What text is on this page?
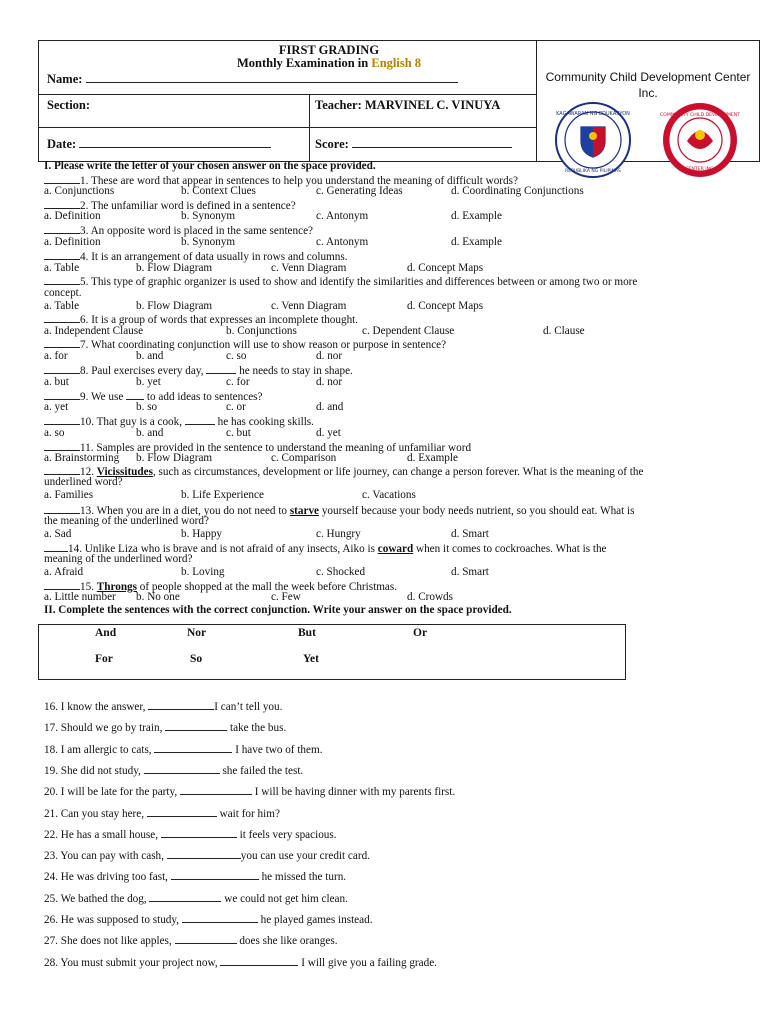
FIRST GRADING
Monthly Examination in English 8
Name:
Section:	Teacher: MARVINEL C. VINUYA
Date:	Score:
Community Child Development Center Inc.
KAGAWARAN NG EDUKASYON
REPUBLIKA NG PILIPINAS
COMMUNITY CHILD DEVELOPMENT
CENTER INC.
I. Please write the letter of your chosen answer on the space provided.
1. These are word that appear in sentences to help you understand the meaning of difficult words?
a. Conjunctions	b. Context Clues	c. Generating Ideas	d. Coordinating Conjunctions
2. The unfamiliar word is defined in a sentence?
a. Definition	b. Synonym	c. Antonym	d. Example
3. An opposite word is placed in the same sentence?
a. Definition	b. Synonym	c. Antonym	d. Example
4. It is an arrangement of data usually in rows and columns.
a. Table	b. Flow Diagram	c. Venn Diagram	d. Concept Maps
5. This type of graphic organizer is used to show and identify the similarities and differences between or among two or more
concept.
a. Table	b. Flow Diagram	c. Venn Diagram	d. Concept Maps
6. It is a group of words that expresses an incomplete thought.
a. Independent Clause	b. Conjunctions	c. Dependent Clause	d. Clause
7. What coordinating conjunction will use to show reason or purpose in sentence?
a. for	b. and	c. so	d. nor
8. Paul exercises every day,	he needs to stay in shape.
a. but	b. yet	c. for	d. nor
9. We use  to add ideas to sentences?
a. yet	b. so	c. or	d. and
10. That guy is a cook,	he has cooking skills.
a. so	b. and	c. but	d. yet
11. Samples are provided in the sentence to understand the meaning of unfamiliar word
a. Brainstorming b. Flow Diagram	c. Comparison	d. Example
12. Vicissitudes, such as circumstances, development or life journey, can change a person forever. What is the meaning of the
underlined word?
a. Families	b. Life Experience	c. Vacations
13. When you are in a diet, you do not need to starve yourself because your body needs nutrient, so you should eat. What is
the meaning of the underlined word?
a. Sad	b. Happy	c. Hungry	d. Smart
14. Unlike Liza who is brave and is not afraid of any insects, Aiko is coward when it comes to cockroaches. What is the
meaning of the underlined word?
a. Afraid	b. Loving	c. Shocked	d. Smart
15. Throngs of people shopped at the mall the week before Christmas.
a. Little number b. No one	c. Few	d. Crowds
II. Complete the sentences with the correct conjunction. Write your answer on the space provided.
And	Nor	But	Or
For	So	Yet
16. I know the answer,	I can’t tell you.
17. Should we go by train,	take the bus.
18. I am allergic to cats,	I have two of them.
19. She did not study,	she failed the test.
20. I will be late for the party,	I will be having dinner with my parents first.
21. Can you stay here,	wait for him?
22. He has a small house,	it feels very spacious.
23. You can pay with cash,	you can use your credit card.
24. He was driving too fast,	he missed the turn.
25. We bathed the dog,	we could not get him clean.
26. He was supposed to study,	he played games instead.
27. She does not like apples,	does she like oranges.
28. You must submit your project now,	I will give you a failing grade.
